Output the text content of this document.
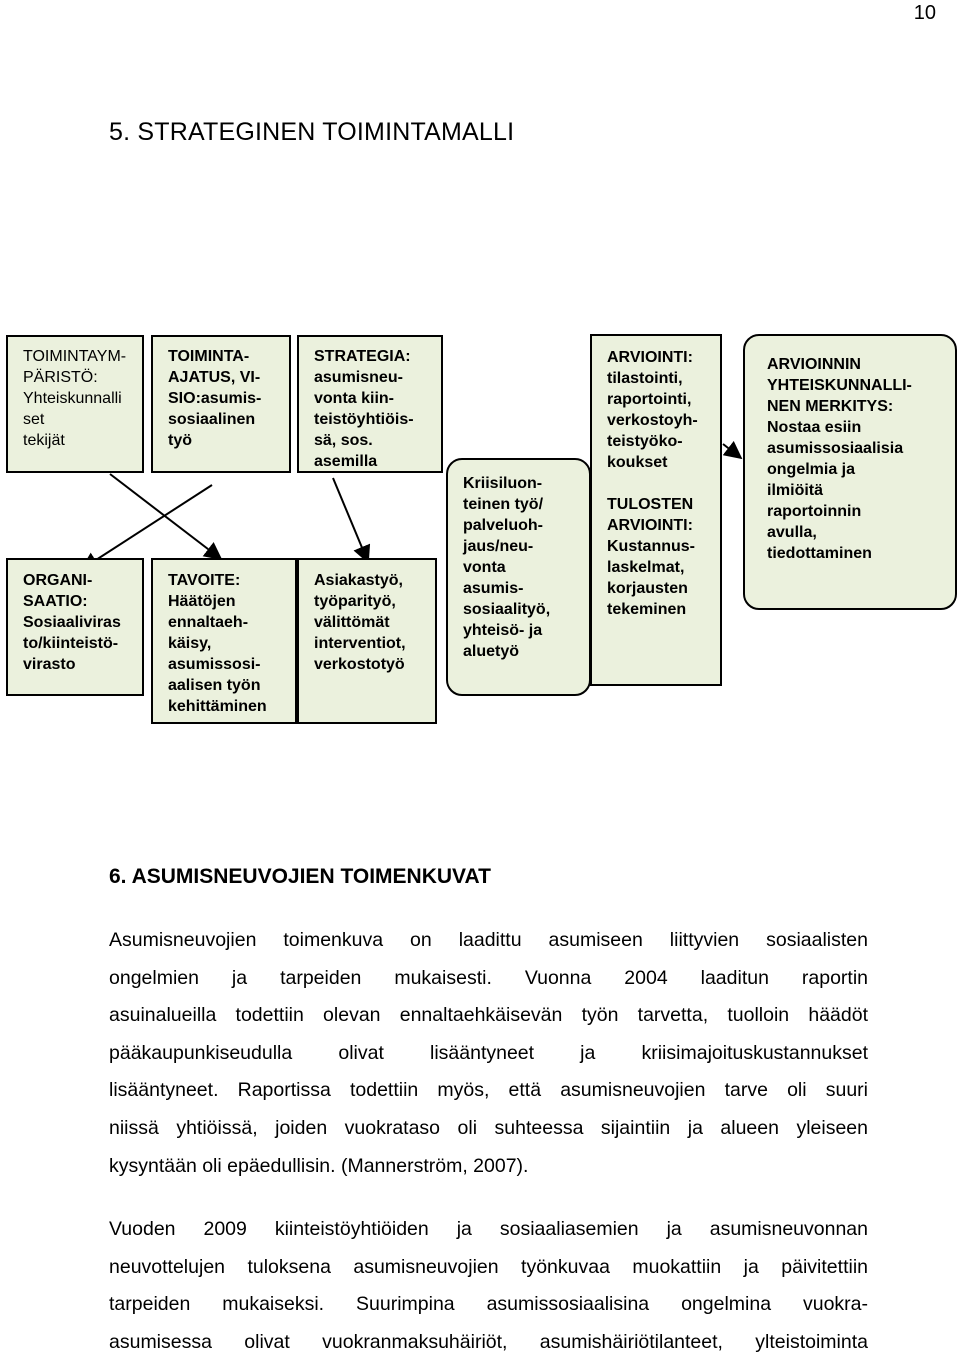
10
5. STRATEGINEN TOIMINTAMALLI
TOIMINTAYM-
PÄRISTÖ:
Yhteiskunnalli
set
tekijät
TOIMINTA-
AJATUS, VI-
SIO:asumis-
sosiaalinen
työ
STRATEGIA:
asumisneu-
vonta kiin-
teistöyhtiöis-
sä, sos.
asemilla
ORGANI-
SAATIO:
Sosiaaliviras
to/kiinteistö-
virasto
TAVOITE:
Häätöjen
ennaltaeh-
käisy,
asumissosi-
aalisen työn
kehittäminen
Asiakastyö,
työparityö,
välittömät
interventiot,
verkostotyö
Kriisiluon-
teinen työ/
palveluoh-
jaus/neu-
vonta
asumis-
sosiaalityö,
yhteisö- ja
aluetyö
ARVIOINTI:
tilastointi,
raportointi,
verkostoyh-
teistyöko-
koukset

TULOSTEN
ARVIOINTI:
Kustannus-
laskelmat,
korjausten
tekeminen
ARVIOINNIN
YHTEISKUNNALLI-
NEN MERKITYS:
Nostaa esiin
asumissosiaalisia
ongelmia ja
ilmiöitä
raportoinnin
avulla,
tiedottaminen
6. ASUMISNEUVOJIEN TOIMENKUVAT
Asumisneuvojien toimenkuva on laadittu asumiseen liittyvien sosiaalisten
ongelmien ja tarpeiden mukaisesti. Vuonna 2004 laaditun raportin
asuinalueilla todettiin olevan ennaltaehkäisevän työn tarvetta, tuolloin häädöt
pääkaupunkiseudulla olivat lisääntyneet ja kriisimajoituskustannukset
lisääntyneet. Raportissa todettiin myös, että asumisneuvojien tarve oli suuri
niissä yhtiöissä, joiden vuokrataso oli suhteessa sijaintiin ja alueen yleiseen
kysyntään oli epäedullisin. (Mannerström, 2007).
Vuoden 2009 kiinteistöyhtiöiden ja sosiaaliasemien ja asumisneuvonnan
neuvottelujen tuloksena asumisneuvojien työnkuvaa muokattiin ja päivitettiin
tarpeiden mukaiseksi. Suurimpina asumissosiaalisina ongelmina vuokra-
asumisessa olivat vuokranmaksuhäiriöt, asumishäiriötilanteet, ylteistoiminta
